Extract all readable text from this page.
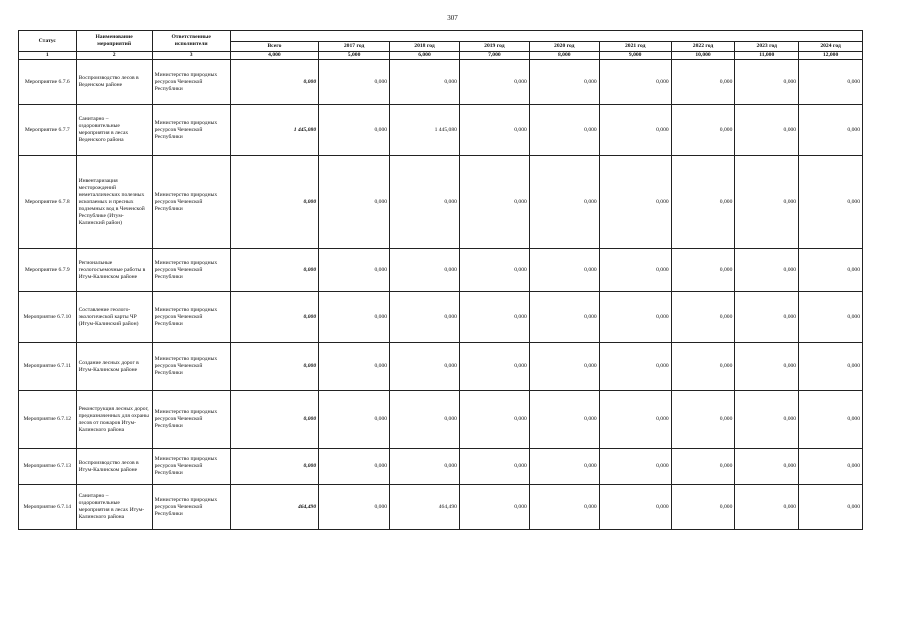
307
Статус	Наименование мероприятий	Ответственные исполнители									
			Всего	2017 год	2018 год	2019 год	2020 год	2021 год	2022 год	2023 год	2024 год
1	2	3	4,000	5,000	6,000	7,000	8,000	9,000	10,000	11,000	12,000
Мероприятие 6.7.6	Воспроизводство лесов в Веденском районе	Министерство природных ресурсов Чеченской Республики	0,000	0,000	0,000	0,000	0,000	0,000	0,000	0,000	0,000
Мероприятие 6.7.7	Санитарно – оздоровительные мероприятия в лесах Веденского района	Министерство природных ресурсов Чеченской Республики	1 445,080	0,000	1 445,080	0,000	0,000	0,000	0,000	0,000	0,000
Мероприятие 6.7.8	Инвентаризация месторождений неметаллических полезных ископаемых и пресных подземных вод в Чеченской Республике (Итум-Калинский район)	Министерство природных ресурсов Чеченской Республики	0,000	0,000	0,000	0,000	0,000	0,000	0,000	0,000	0,000
Мероприятие 6.7.9	Региональные геологосъемочные работы в Итум-Калинском районе	Министерство природных ресурсов Чеченской Республики	0,000	0,000	0,000	0,000	0,000	0,000	0,000	0,000	0,000
Мероприятие 6.7.10	Составление геолого-экологической карты ЧР (Итум-Калинский район)	Министерство природных ресурсов Чеченской Республики	0,000	0,000	0,000	0,000	0,000	0,000	0,000	0,000	0,000
Мероприятие 6.7.11	Создание лесных дорог в Итум-Калинском районе	Министерство природных ресурсов Чеченской Республики	0,000	0,000	0,000	0,000	0,000	0,000	0,000	0,000	0,000
Мероприятие 6.7.12	Реконструкция лесных дорог, предназначенных для охраны лесов от пожаров Итум-Калинского района	Министерство природных ресурсов Чеченской Республики	0,000	0,000	0,000	0,000	0,000	0,000	0,000	0,000	0,000
Мероприятие 6.7.13	Воспроизводство лесов в Итум-Калинском районе	Министерство природных ресурсов Чеченской Республики	0,000	0,000	0,000	0,000	0,000	0,000	0,000	0,000	0,000
Мероприятие 6.7.14	Санитарно – оздоровительные мероприятия в лесах Итум-Калинского района	Министерство природных ресурсов Чеченской Республики	464,490	0,000	464,490	0,000	0,000	0,000	0,000	0,000	0,000
